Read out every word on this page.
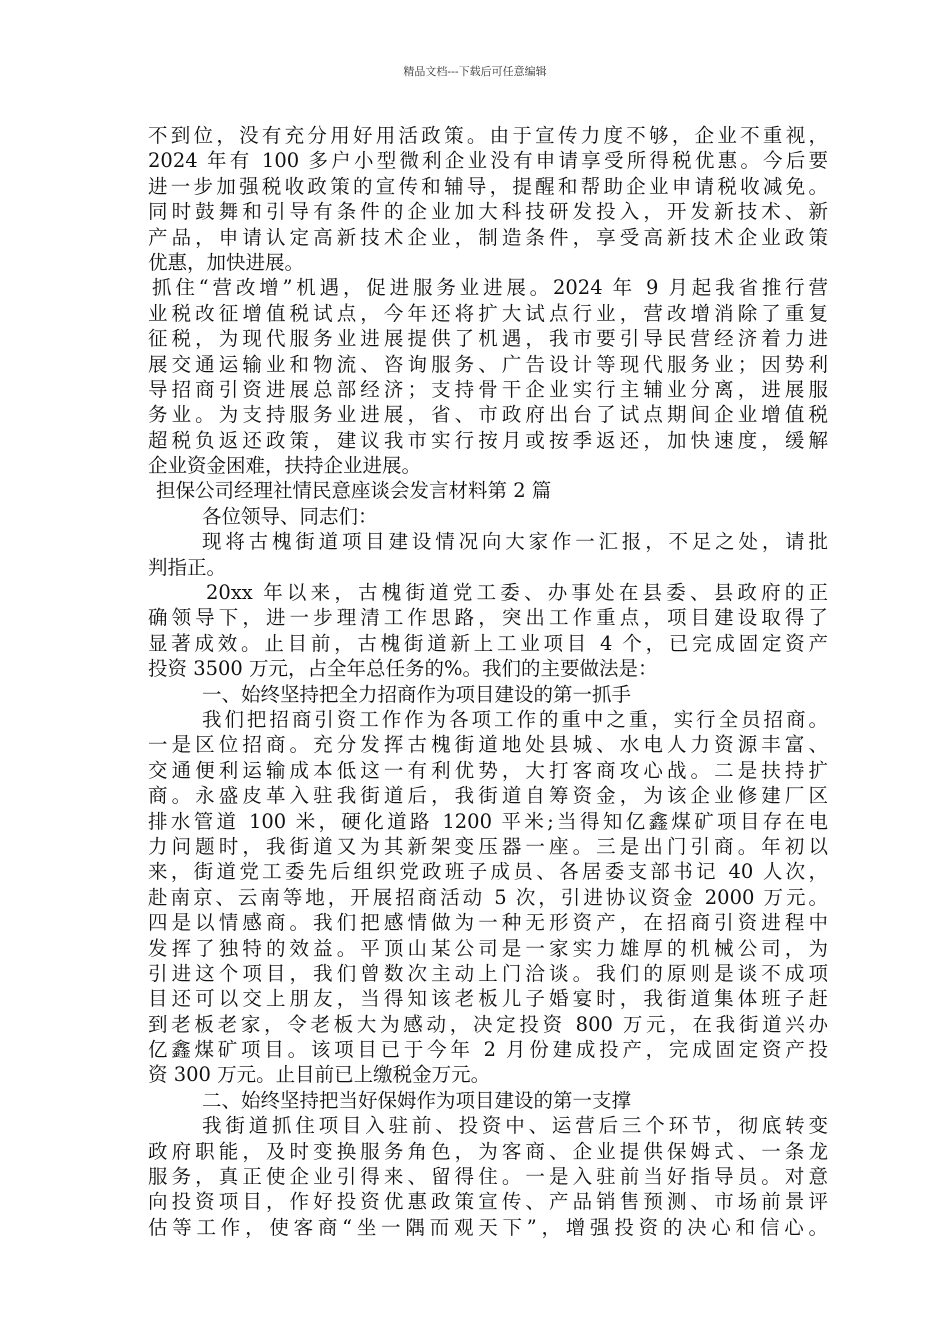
精品文档---下载后可任意编辑
不到位，没有充分用好用活政策。由于宣传力度不够，企业不重视，
2024 年有 100 多户小型微利企业没有申请享受所得税优惠。今后要
进一步加强税收政策的宣传和辅导，提醒和帮助企业申请税收减免。
同时鼓舞和引导有条件的企业加大科技研发投入，开发新技术、新
产品，申请认定高新技术企业，制造条件，享受高新技术企业政策
优惠，加快进展。
抓住“营改增”机遇，促进服务业进展。2024 年 9 月起我省推行营
业税改征增值税试点，今年还将扩大试点行业，营改增消除了重复
征税，为现代服务业进展提供了机遇，我市要引导民营经济着力进
展交通运输业和物流、咨询服务、广告设计等现代服务业；因势利
导招商引资进展总部经济；支持骨干企业实行主辅业分离，进展服
务业。为支持服务业进展，省、市政府出台了试点期间企业增值税
超税负返还政策，建议我市实行按月或按季返还，加快速度，缓解
企业资金困难，扶持企业进展。
担保公司经理社情民意座谈会发言材料第 2 篇
各位领导、同志们：
现将古槐街道项目建设情况向大家作一汇报，不足之处，请批
判指正。
20xx 年以来，古槐街道党工委、办事处在县委、县政府的正
确领导下，进一步理清工作思路，突出工作重点，项目建设取得了
显著成效。止目前，古槐街道新上工业项目 4 个，已完成固定资产
投资 3500 万元，占全年总任务的%。我们的主要做法是：
一、始终坚持把全力招商作为项目建设的第一抓手
我们把招商引资工作作为各项工作的重中之重，实行全员招商。
一是区位招商。充分发挥古槐街道地处县城、水电人力资源丰富、
交通便利运输成本低这一有利优势，大打客商攻心战。二是扶持扩
商。永盛皮革入驻我街道后，我街道自筹资金，为该企业修建厂区
排水管道 100 米，硬化道路 1200 平米;当得知亿鑫煤矿项目存在电
力问题时，我街道又为其新架变压器一座。三是出门引商。年初以
来，街道党工委先后组织党政班子成员、各居委支部书记 40 人次，
赴南京、云南等地，开展招商活动 5 次，引进协议资金 2000 万元。
四是以情感商。我们把感情做为一种无形资产，在招商引资进程中
发挥了独特的效益。平顶山某公司是一家实力雄厚的机械公司，为
引进这个项目，我们曾数次主动上门洽谈。我们的原则是谈不成项
目还可以交上朋友，当得知该老板儿子婚宴时，我街道集体班子赶
到老板老家，令老板大为感动，决定投资 800 万元，在我街道兴办
亿鑫煤矿项目。该项目已于今年 2 月份建成投产，完成固定资产投
资 300 万元。止目前已上缴税金万元。
二、始终坚持把当好保姆作为项目建设的第一支撑
我街道抓住项目入驻前、投资中、运营后三个环节，彻底转变
政府职能，及时变换服务角色，为客商、企业提供保姆式、一条龙
服务，真正使企业引得来、留得住。一是入驻前当好指导员。对意
向投资项目，作好投资优惠政策宣传、产品销售预测、市场前景评
估等工作，使客商“坐一隅而观天下”，增强投资的决心和信心。
